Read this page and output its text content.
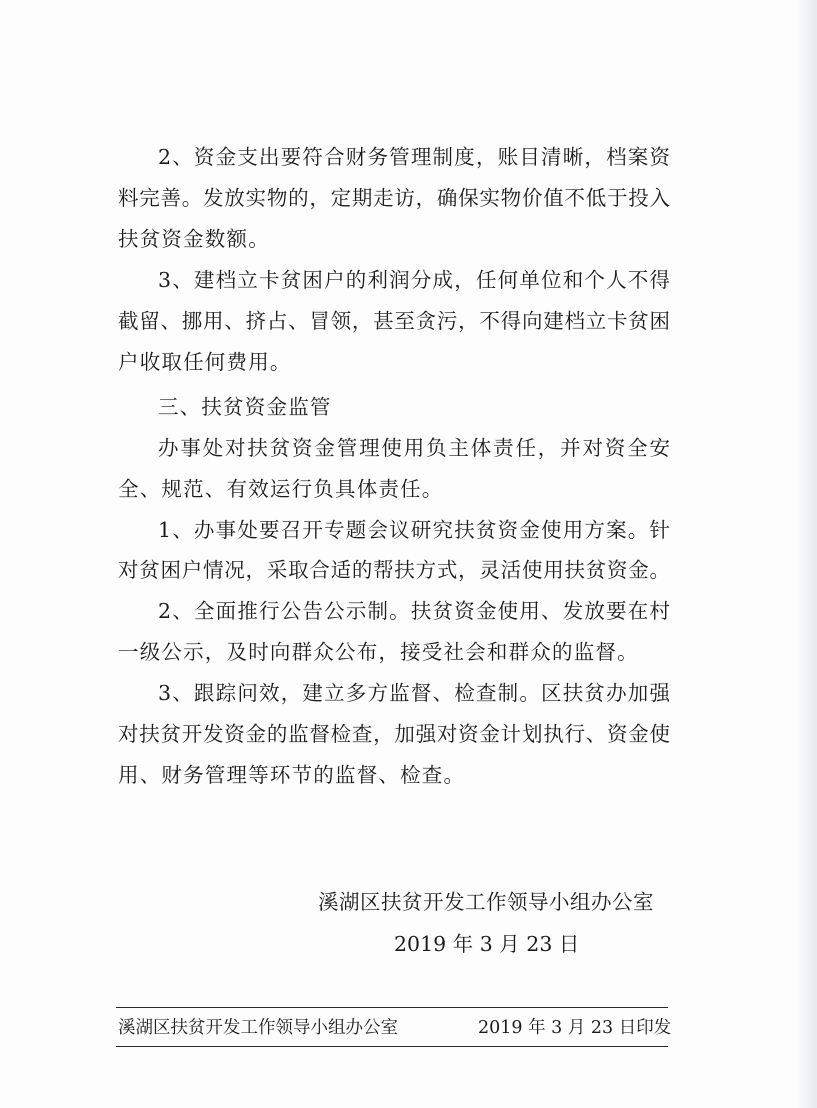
2、资金支出要符合财务管理制度，账目清晰，档案资
料完善。发放实物的，定期走访，确保实物价值不低于投入
扶贫资金数额。
3、建档立卡贫困户的利润分成，任何单位和个人不得
截留、挪用、挤占、冒领，甚至贪污，不得向建档立卡贫困
户收取任何费用。
三、扶贫资金监管
办事处对扶贫资金管理使用负主体责任，并对资全安
全、规范、有效运行负具体责任。
1、办事处要召开专题会议研究扶贫资金使用方案。针
对贫困户情况，采取合适的帮扶方式，灵活使用扶贫资金。
2、全面推行公告公示制。扶贫资金使用、发放要在村
一级公示，及时向群众公布，接受社会和群众的监督。
3、跟踪问效，建立多方监督、检查制。区扶贫办加强
对扶贫开发资金的监督检查，加强对资金计划执行、资金使
用、财务管理等环节的监督、检查。
溪湖区扶贫开发工作领导小组办公室
2019 年 3 月 23 日
溪湖区扶贫开发工作领导小组办公室	2019 年 3 月 23 日印发
